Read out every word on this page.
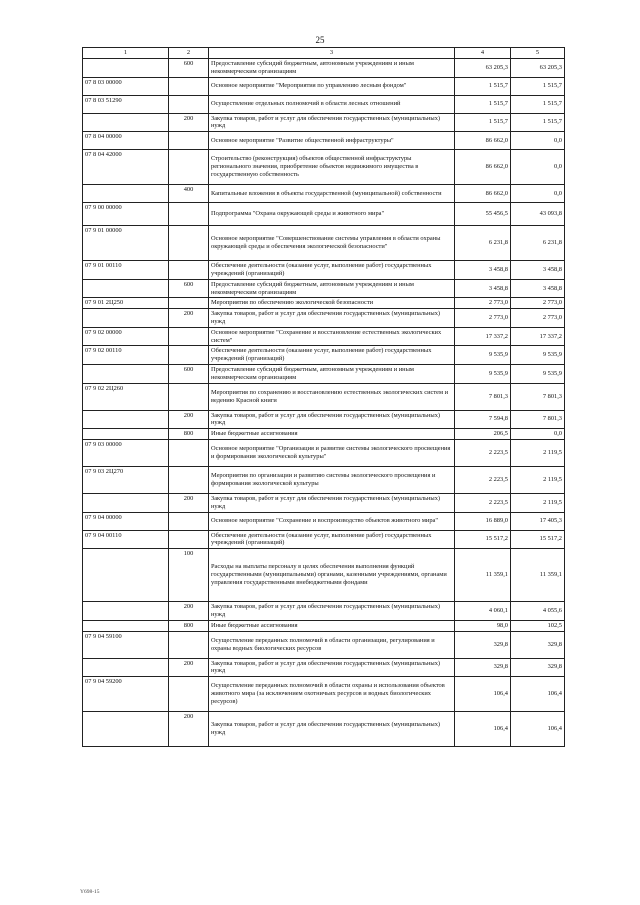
25
1	2	3	4	5
	600	Предоставление субсидий бюджетным, автономным учреждениям и иным некоммерческим организациям	63 205,3	63 205,3
07 8 03 00000		Основное мероприятие "Мероприятия по управлению лесным фондом"	1 515,7	1 515,7
07 8 03 51290		Осуществление отдельных полномочий в области лесных отношений	1 515,7	1 515,7
	200	Закупка товаров, работ и услуг для обеспечения государственных (муниципальных) нужд	1 515,7	1 515,7
07 8 04 00000		Основное мероприятие "Развитие общественной инфраструктуры"	86 662,0	0,0
07 8 04 42000		Строительство (реконструкция) объектов общественной инфраструктуры регионального значения, приобретение объектов недвижимого имущества в государственную собственность	86 662,0	0,0
	400	Капитальные вложения в объекты государственной (муниципальной) собственности	86 662,0	0,0
07 9 00 00000		Подпрограмма "Охрана окружающей среды и животного мира"	55 456,5	43 093,8
07 9 01 00000		Основное мероприятие "Совершенствование системы управления в области охраны окружающей среды и обеспечения экологической безопасности"	6 231,8	6 231,8
07 9 01 00110		Обеспечение деятельности (оказание услуг, выполнение работ) государственных учреждений (организаций)	3 458,8	3 458,8
	600	Предоставление субсидий бюджетным, автономным учреждениям и иным некоммерческим организациям	3 458,8	3 458,8
07 9 01 2Ц250		Мероприятия по обеспечению экологической безопасности	2 773,0	2 773,0
	200	Закупка товаров, работ и услуг для обеспечения государственных (муниципальных) нужд	2 773,0	2 773,0
07 9 02 00000		Основное мероприятие "Сохранение и восстановление естественных экологических систем"	17 337,2	17 337,2
07 9 02 00110		Обеспечение деятельности (оказание услуг, выполнение работ) государственных учреждений (организаций)	9 535,9	9 535,9
	600	Предоставление субсидий бюджетным, автономным учреждениям и иным некоммерческим организациям	9 535,9	9 535,9
07 9 02 2Ц260		Мероприятия по сохранению и восстановлению естественных экологических систем и ведению Красной книги	7 801,3	7 801,3
	200	Закупка товаров, работ и услуг для обеспечения государственных (муниципальных) нужд	7 594,8	7 801,3
	800	Иные бюджетные ассигнования	206,5	0,0
07 9 03 00000		Основное мероприятие "Организация и развитие системы экологического просвещения и формирования экологической культуры"	2 223,5	2 119,5
07 9 03 2Ц270		Мероприятия по организации и развитию системы экологического просвещения и формирования экологической культуры	2 223,5	2 119,5
	200	Закупка товаров, работ и услуг для обеспечения государственных (муниципальных) нужд	2 223,5	2 119,5
07 9 04 00000		Основное мероприятие "Сохранение и воспроизводство объектов животного мира"	16 889,0	17 405,3
07 9 04 00110		Обеспечение деятельности (оказание услуг, выполнение работ) государственных учреждений (организаций)	15 517,2	15 517,2
	100	Расходы на выплаты персоналу в целях обеспечения выполнения функций государственными (муниципальными) органами, казенными учреждениями, органами управления государственными внебюджетными фондами	11 359,1	11 359,1
	200	Закупка товаров, работ и услуг для обеспечения государственных (муниципальных) нужд	4 060,1	4 055,6
	800	Иные бюджетные ассигнования	98,0	102,5
07 9 04 59100		Осуществление переданных полномочий в области организации, регулирования и охраны водных биологических ресурсов	329,8	329,8
	200	Закупка товаров, работ и услуг для обеспечения государственных (муниципальных) нужд	329,8	329,8
07 9 04 59200		Осуществление переданных полномочий в области охраны и использования объектов животного мира (за исключением охотничьих ресурсов и водных биологических ресурсов)	106,4	106,4
	200	Закупка товаров, работ и услуг для обеспечения государственных (муниципальных) нужд	106,4	106,4
Y698-15
